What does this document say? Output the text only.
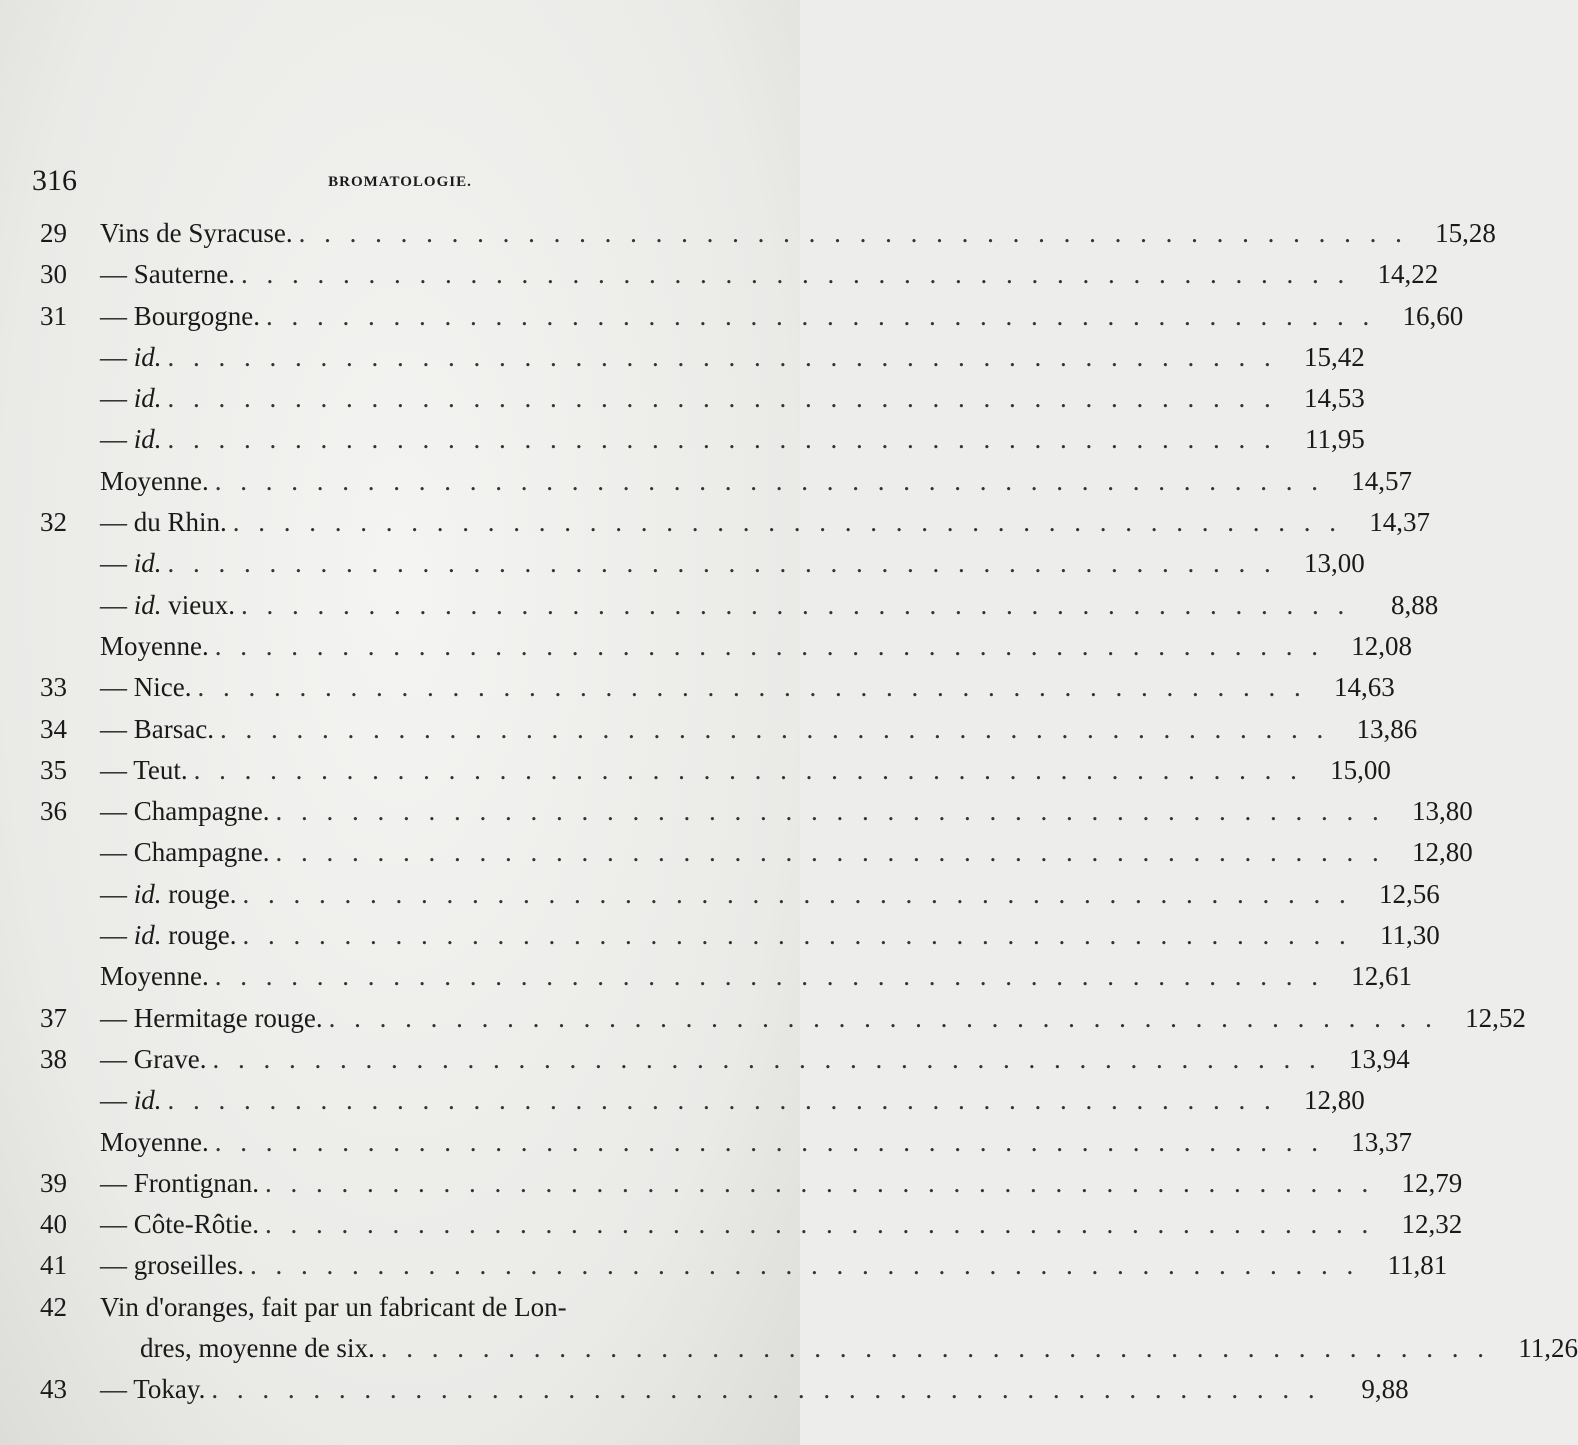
316	BROMATOLOGIE.
29	Vins de Syracuse. . . . . . . . . . . . . . . . . . . . . . . . . . . . . . . . . . . . . . . . . . . . .	15,28
30	— Sauterne. . . . . . . . . . . . . . . . . . . . . . . . . . . . . . . . . . . . . . . . . . . . .	14,22
31	— Bourgogne. . . . . . . . . . . . . . . . . . . . . . . . . . . . . . . . . . . . . . . . . . . . .	16,60
— id. . . . . . . . . . . . . . . . . . . . . . . . . . . . . . . . . . . . . . . . . . . . .	15,42
— id. . . . . . . . . . . . . . . . . . . . . . . . . . . . . . . . . . . . . . . . . . . . .	14,53
— id. . . . . . . . . . . . . . . . . . . . . . . . . . . . . . . . . . . . . . . . . . . . .	11,95
Moyenne. . . . . . . . . . . . . . . . . . . . . . . . . . . . . . . . . . . . . . . . . . . . .	14,57
32	— du Rhin. . . . . . . . . . . . . . . . . . . . . . . . . . . . . . . . . . . . . . . . . . . . .	14,37
— id. . . . . . . . . . . . . . . . . . . . . . . . . . . . . . . . . . . . . . . . . . . . .	13,00
— id. vieux. . . . . . . . . . . . . . . . . . . . . . . . . . . . . . . . . . . . . . . . . . . . .	8,88
Moyenne. . . . . . . . . . . . . . . . . . . . . . . . . . . . . . . . . . . . . . . . . . . . .	12,08
33	— Nice. . . . . . . . . . . . . . . . . . . . . . . . . . . . . . . . . . . . . . . . . . . . .	14,63
34	— Barsac. . . . . . . . . . . . . . . . . . . . . . . . . . . . . . . . . . . . . . . . . . . . .	13,86
35	— Teut. . . . . . . . . . . . . . . . . . . . . . . . . . . . . . . . . . . . . . . . . . . . .	15,00
36	— Champagne. . . . . . . . . . . . . . . . . . . . . . . . . . . . . . . . . . . . . . . . . . . . .	13,80
— Champagne. . . . . . . . . . . . . . . . . . . . . . . . . . . . . . . . . . . . . . . . . . . . .	12,80
— id. rouge. . . . . . . . . . . . . . . . . . . . . . . . . . . . . . . . . . . . . . . . . . . . .	12,56
— id. rouge. . . . . . . . . . . . . . . . . . . . . . . . . . . . . . . . . . . . . . . . . . . . .	11,30
Moyenne. . . . . . . . . . . . . . . . . . . . . . . . . . . . . . . . . . . . . . . . . . . . .	12,61
37	— Hermitage rouge. . . . . . . . . . . . . . . . . . . . . . . . . . . . . . . . . . . . . . . . . . . . .	12,52
38	— Grave. . . . . . . . . . . . . . . . . . . . . . . . . . . . . . . . . . . . . . . . . . . . .	13,94
— id. . . . . . . . . . . . . . . . . . . . . . . . . . . . . . . . . . . . . . . . . . . . .	12,80
Moyenne. . . . . . . . . . . . . . . . . . . . . . . . . . . . . . . . . . . . . . . . . . . . .	13,37
39	— Frontignan. . . . . . . . . . . . . . . . . . . . . . . . . . . . . . . . . . . . . . . . . . . . .	12,79
40	— Côte-Rôtie. . . . . . . . . . . . . . . . . . . . . . . . . . . . . . . . . . . . . . . . . . . . .	12,32
41	— groseilles. . . . . . . . . . . . . . . . . . . . . . . . . . . . . . . . . . . . . . . . . . . . .	11,81
42	Vin d'oranges, fait par un fabricant de Lon-
dres, moyenne de six. . . . . . . . . . . . . . . . . . . . . . . . . . . . . . . . . . . . . . . . . . . . .	11,26
43	— Tokay. . . . . . . . . . . . . . . . . . . . . . . . . . . . . . . . . . . . . . . . . . . . .	9,88
